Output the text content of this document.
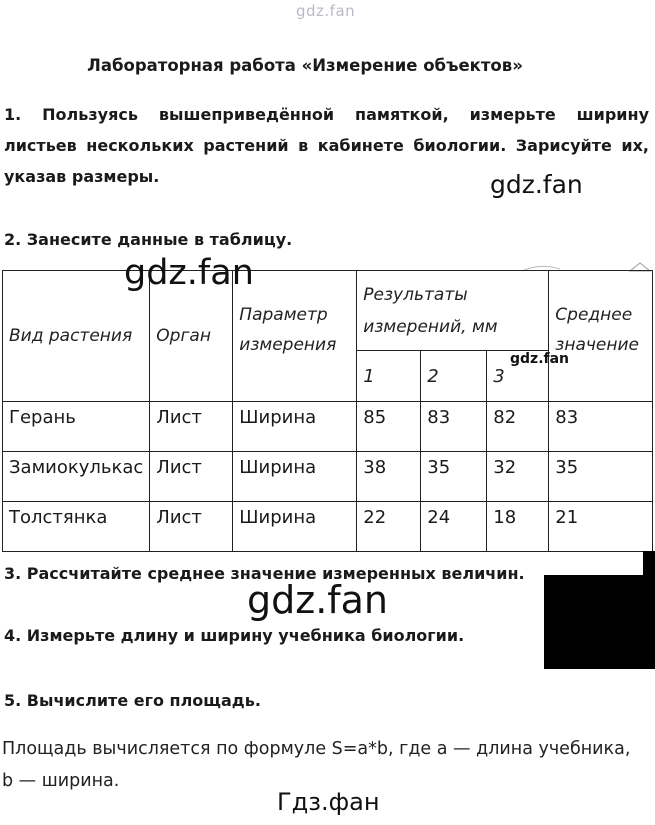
gdz.fan
Лабораторная работа «Измерение объектов»
1. Пользуясь вышеприведённой памяткой, измерьте ширину листьев нескольких растений в кабинете биологии. Зарисуйте их, указав размеры.	gdz.fan
2. Занесите данные в таблицу.
Вид растения	Орган	Параметр измерения	Результаты измерений, мм			Среднее значение
			1	2	3	
Герань	Лист	Ширина	85	83	82	83
Замиокулькас	Лист	Ширина	38	35	32	35
Толстянка	Лист	Ширина	22	24	18	21
gdz.fan
gdz.fan
3. Рассчитайте среднее значение измеренных величин.
gdz.fan
4. Измерьте длину и ширину учебника биологии.
5. Вычислите его площадь.
Площадь вычисляется по формуле S=a*b, где a — длина учебника, b — ширина.
Гдз.фан
